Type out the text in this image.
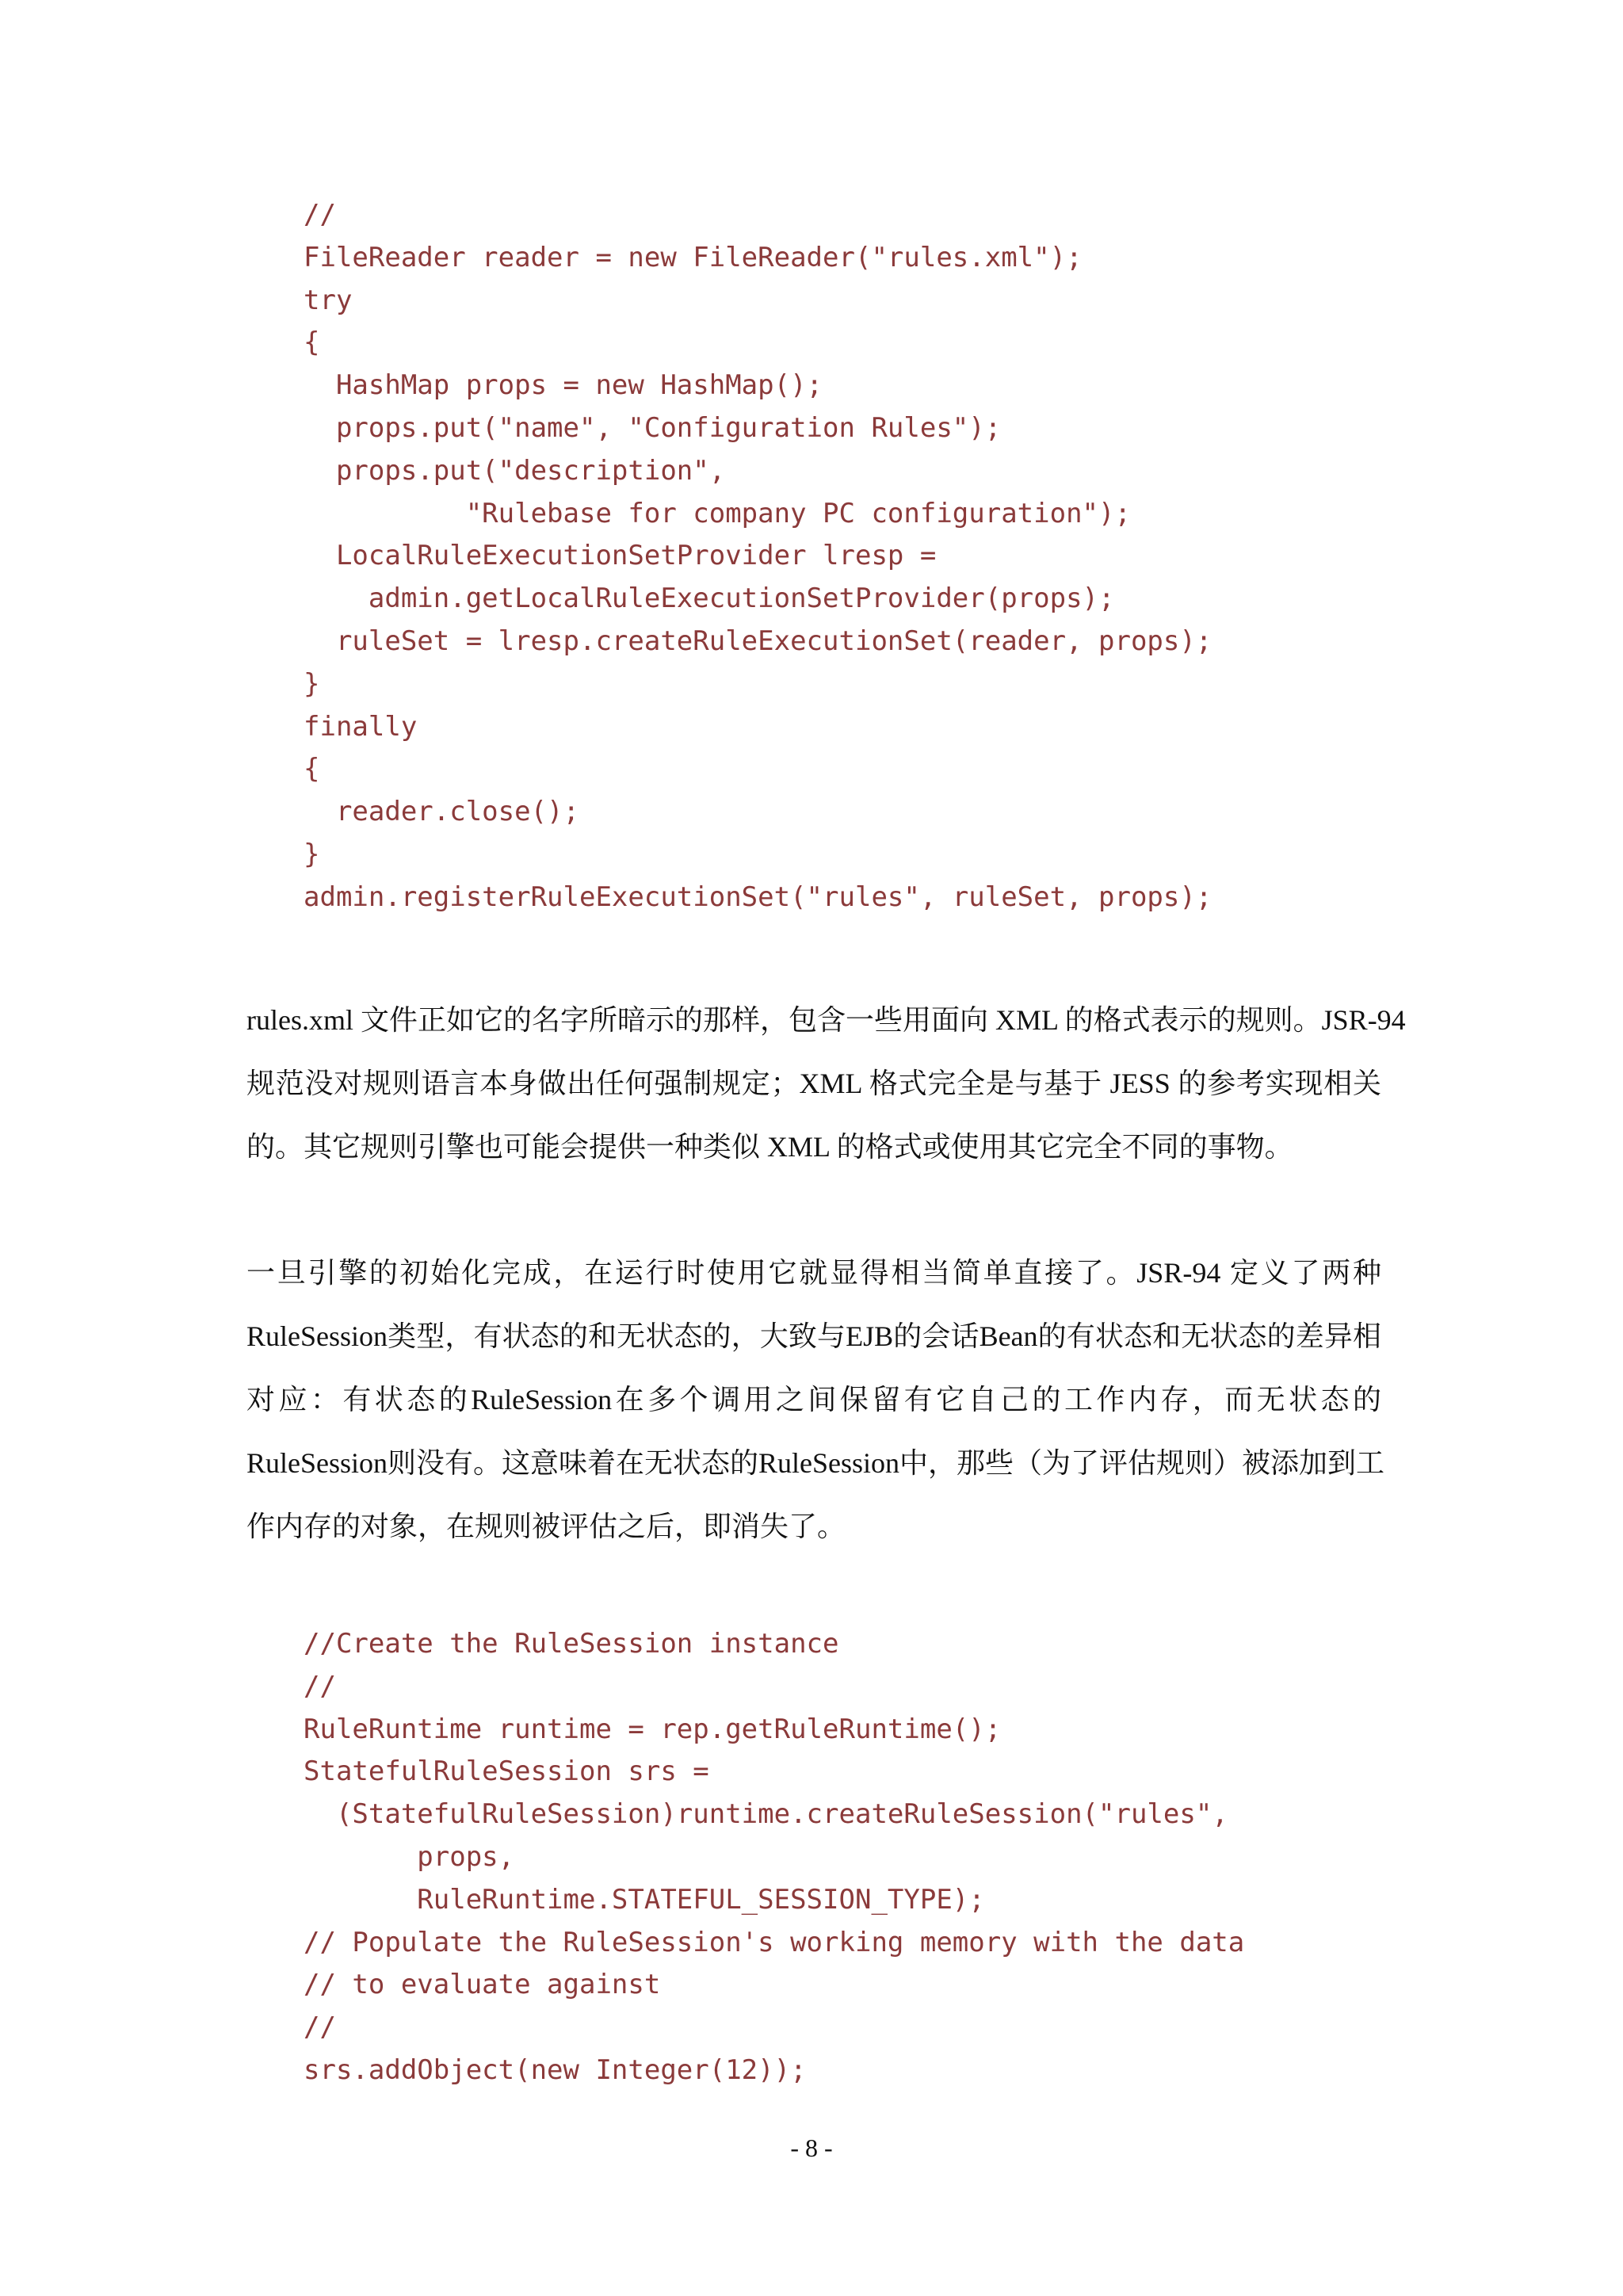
//
FileReader reader = new FileReader("rules.xml");
try
{
HashMap props = new HashMap();
props.put("name", "Configuration Rules");
props.put("description",
"Rulebase for company PC configuration");
LocalRuleExecutionSetProvider lresp =
admin.getLocalRuleExecutionSetProvider(props);
ruleSet = lresp.createRuleExecutionSet(reader, props);
}
finally
{
reader.close();
}
admin.registerRuleExecutionSet("rules", ruleSet, props);
rules.xml 文件正如它的名字所暗示的那样，包含一些用面向 XML 的格式表示的规则。JSR-94
规范没对规则语言本身做出任何强制规定；XML 格式完全是与基于 JESS 的参考实现相关
的。其它规则引擎也可能会提供一种类似 XML 的格式或使用其它完全不同的事物。
一旦引擎的初始化完成，在运行时使用它就显得相当简单直接了。JSR-94 定义了两种
RuleSession类型，有状态的和无状态的，大致与EJB的会话Bean的有状态和无状态的差异相
对应：有状态的RuleSession在多个调用之间保留有它自己的工作内存，而无状态的
RuleSession则没有。这意味着在无状态的RuleSession中，那些（为了评估规则）被添加到工
作内存的对象，在规则被评估之后，即消失了。
//Create the RuleSession instance
//
RuleRuntime runtime = rep.getRuleRuntime();
StatefulRuleSession srs =
(StatefulRuleSession)runtime.createRuleSession("rules",
props,
RuleRuntime.STATEFUL_SESSION_TYPE);
// Populate the RuleSession's working memory with the data
// to evaluate against
//
srs.addObject(new Integer(12));
- 8 -
